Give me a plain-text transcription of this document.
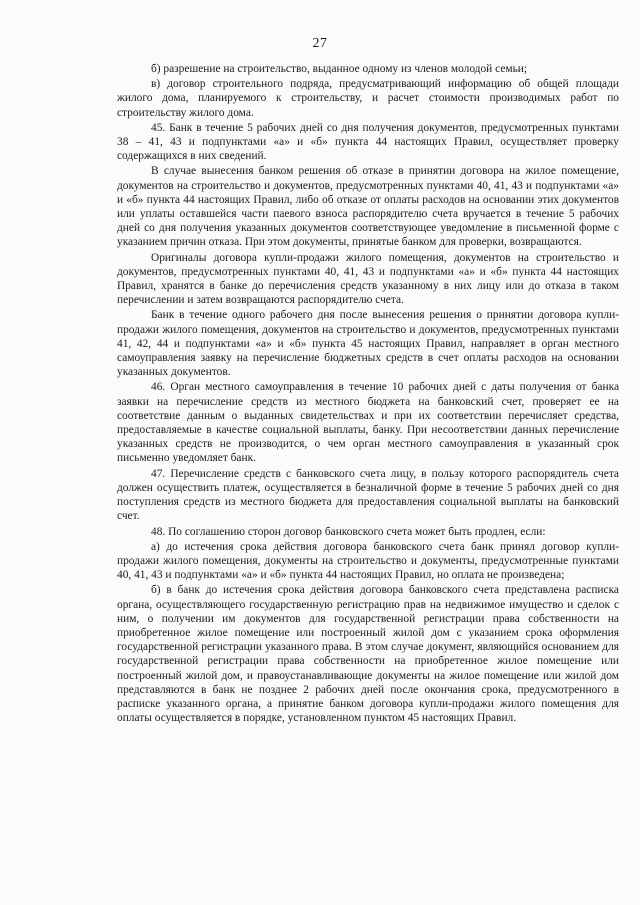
27

б) разрешение на строительство, выданное одному из членов молодой семьи;

в) договор строительного подряда, предусматривающий информацию об общей площади жилого дома, планируемого к строительству, и расчет стоимости производимых работ по строительству жилого дома.

45. Банк в течение 5 рабочих дней со дня получения документов, предусмотренных пунктами 38 – 41, 43 и подпунктами «а» и «б» пункта 44 настоящих Правил, осуществляет проверку содержащихся в них сведений.

В случае вынесения банком решения об отказе в принятии договора на жилое помещение, документов на строительство и документов, предусмотренных пунктами 40, 41, 43 и подпунктами «а» и «б» пункта 44 настоящих Правил, либо об отказе от оплаты расходов на основании этих документов или уплаты оставшейся части паевого взноса распорядителю счета вручается в течение 5 рабочих дней со дня получения указанных документов соответствующее уведомление в письменной форме с указанием причин отказа. При этом документы, принятые банком для проверки, возвращаются.

Оригиналы договора купли-продажи жилого помещения, документов на строительство и документов, предусмотренных пунктами 40, 41, 43 и подпунктами «а» и «б» пункта 44 настоящих Правил, хранятся в банке до перечисления средств указанному в них лицу или до отказа в таком перечислении и затем возвращаются распорядителю счета.

Банк в течение одного рабочего дня после вынесения решения о принятии договора купли-продажи жилого помещения, документов на строительство и документов, предусмотренных пунктами 41, 42, 44 и подпунктами «а» и «б» пункта 45 настоящих Правил, направляет в орган местного самоуправления заявку на перечисление бюджетных средств в счет оплаты расходов на основании указанных документов.

46. Орган местного самоуправления в течение 10 рабочих дней с даты получения от банка заявки на перечисление средств из местного бюджета на банковский счет, проверяет ее на соответствие данным о выданных свидетельствах и при их соответствии перечисляет средства, предоставляемые в качестве социальной выплаты, банку. При несоответствии данных перечисление указанных средств не производится, о чем орган местного самоуправления в указанный срок письменно уведомляет банк.

47. Перечисление средств с банковского счета лицу, в пользу которого распорядитель счета должен осуществить платеж, осуществляется в безналичной форме в течение 5 рабочих дней со дня поступления средств из местного бюджета для предоставления социальной выплаты на банковский счет.

48. По соглашению сторон договор банковского счета может быть продлен, если:

а) до истечения срока действия договора банковского счета банк принял договор купли-продажи жилого помещения, документы на строительство и документы, предусмотренные пунктами 40, 41, 43 и подпунктами «а» и «б» пункта 44 настоящих Правил, но оплата не произведена;

б) в банк до истечения срока действия договора банковского счета представлена расписка органа, осуществляющего государственную регистрацию прав на недвижимое имущество и сделок с ним, о получении им документов для государственной регистрации права собственности на приобретенное жилое помещение или построенный жилой дом с указанием срока оформления государственной регистрации указанного права. В этом случае документ, являющийся основанием для государственной регистрации права собственности на приобретенное жилое помещение или построенный жилой дом, и правоустанавливающие документы на жилое помещение или жилой дом представляются в банк не позднее 2 рабочих дней после окончания срока, предусмотренного в расписке указанного органа, а принятие банком договора купли-продажи жилого помещения для оплаты осуществляется в порядке, установленном пунктом 45 настоящих Правил.
